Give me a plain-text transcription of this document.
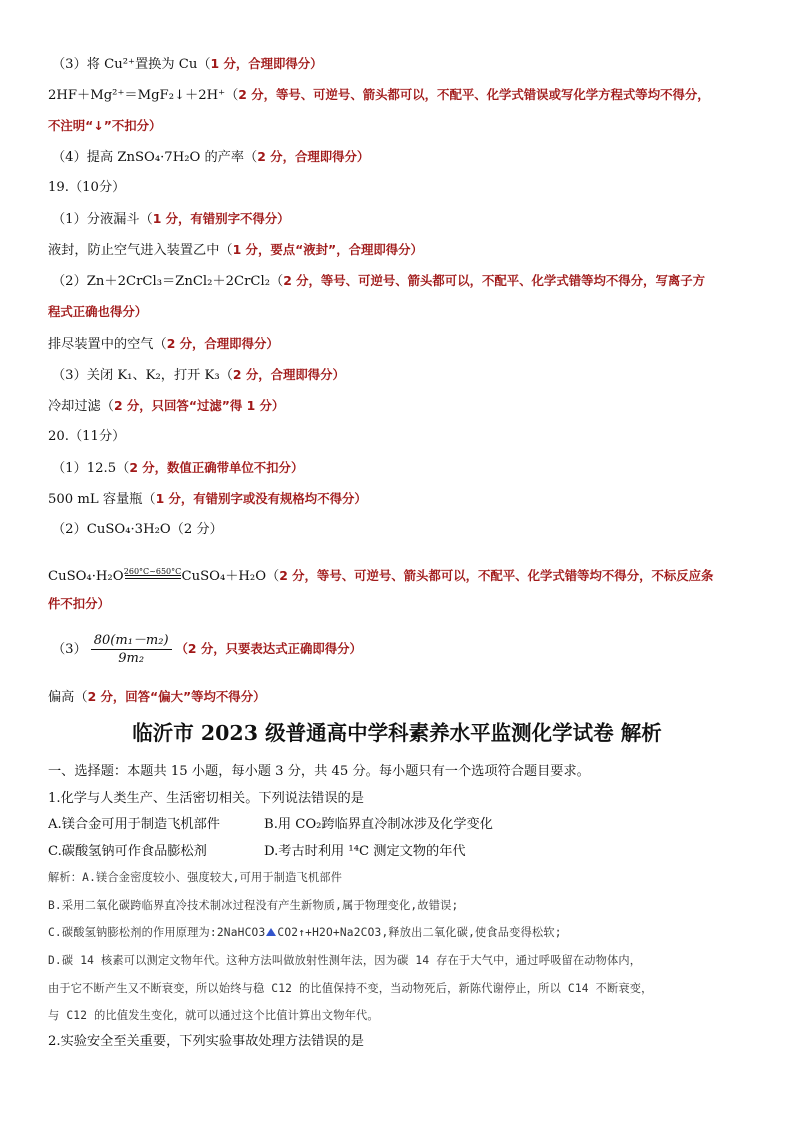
（3）将 Cu²⁺置换为 Cu（1 分，合理即得分）
2HF＋Mg²⁺＝MgF₂↓＋2H⁺（2 分，等号、可逆号、箭头都可以，不配平、化学式错误或写化学方程式等均不得分，
不注明“↓”不扣分）
（4）提高 ZnSO₄·7H₂O 的产率（2 分，合理即得分）
19.（10分）
（1）分液漏斗（1 分，有错别字不得分）
液封，防止空气进入装置乙中（1 分，要点“液封”，合理即得分）
（2）Zn＋2CrCl₃＝ZnCl₂＋2CrCl₂（2 分，等号、可逆号、箭头都可以，不配平、化学式错等均不得分，写离子方
程式正确也得分）
排尽装置中的空气（2 分，合理即得分）
（3）关闭 K₁、K₂，打开 K₃（2 分，合理即得分）
冷却过滤（2 分，只回答“过滤”得 1 分）
20.（11分）
（1）12.5（2 分，数值正确带单位不扣分）
500 mL 容量瓶（1 分，有错别字或没有规格均不得分）
（2）CuSO₄·3H₂O（2 分）
CuSO₄·H₂O 260°C~650°C CuSO₄＋H₂O（2 分，等号、可逆号、箭头都可以，不配平、化学式错等均不得分，不标反应条
件不扣分）
$(3) \frac{\text{80(m₁－m₂)}}{\text{9m₂}} (2$ 分，只要表达式正确即得分）
偏高（2 分，回答“偏大”等均不得分）
临沂市 2023 级普通高中学科素养水平监测化学试卷 解析
一、选择题：本题共 15 小题，每小题 3 分，共 45 分。每小题只有一个选项符合题目要求。
1.化学与人类生产、生活密切相关。下列说法错误的是
A.镁合金可用于制造飞机部件	B.用 CO₂跨临界直冷制冰涉及化学变化
C.碳酸氢钠可作食品膨松剂	D.考古时利用 ¹⁴C 测定文物的年代
解析：A.镁合金密度较小、强度较大,可用于制造飞机部件
B.采用二氧化碳跨临界直冷技术制冰过程没有产生新物质,属于物理变化,故错误;
C.碳酸氢钠膨松剂的作用原理为:2NaHCO3 CO2↑+H2O+Na2CO3,释放出二氧化碳,使食品变得松软;
D.碳 14 核素可以测定文物年代。这种方法叫做放射性测年法，因为碳 14 存在于大气中，通过呼吸留在动物体内，
由于它不断产生又不断衰变，所以始终与稳 C12 的比值保持不变，当动物死后，新陈代谢停止，所以 C14 不断衰变，
与 C12 的比值发生变化，就可以通过这个比值计算出文物年代。
2.实验安全至关重要，下列实验事故处理方法错误的是
